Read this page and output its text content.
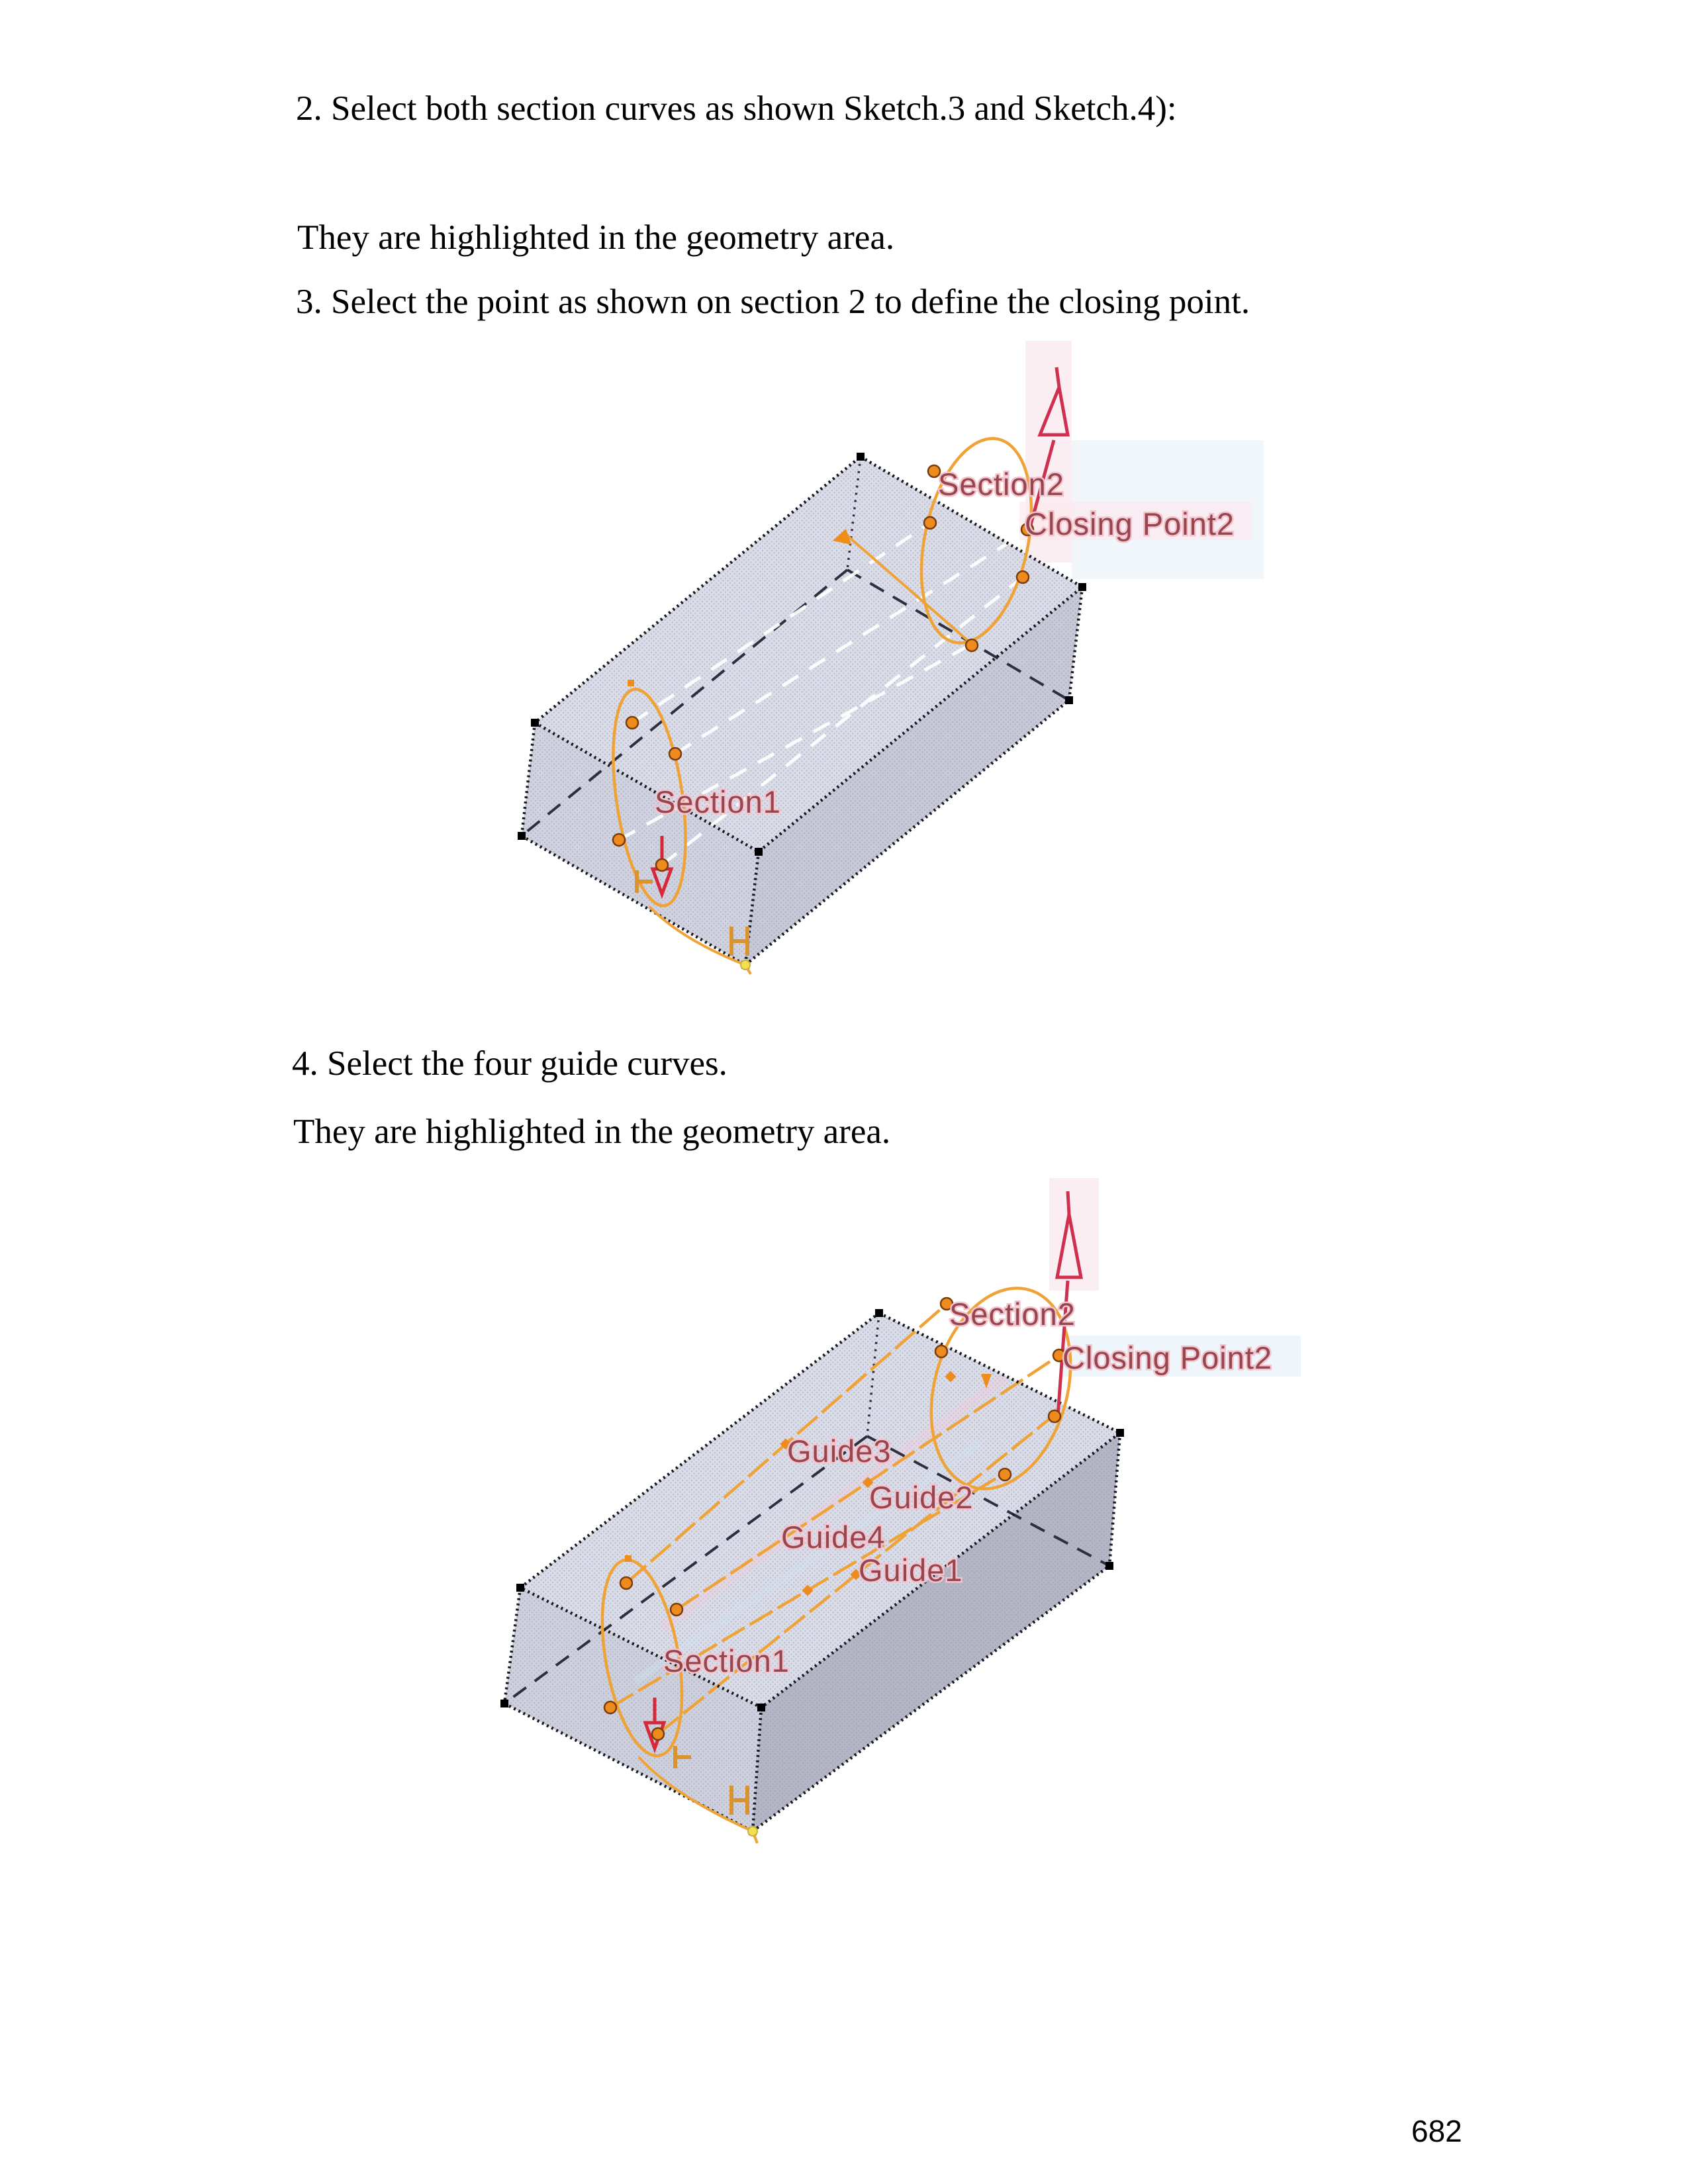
2. Select both section curves as shown Sketch.3 and Sketch.4):
They are highlighted in the geometry area.
3. Select the point as shown on section 2 to define the closing point.
4. Select the four guide curves.
They are highlighted in the geometry area.
Section2
Closing Point2
Section1
Section2
Closing Point2
Guide3
Guide2
Guide4
Guide1
Section1
682
